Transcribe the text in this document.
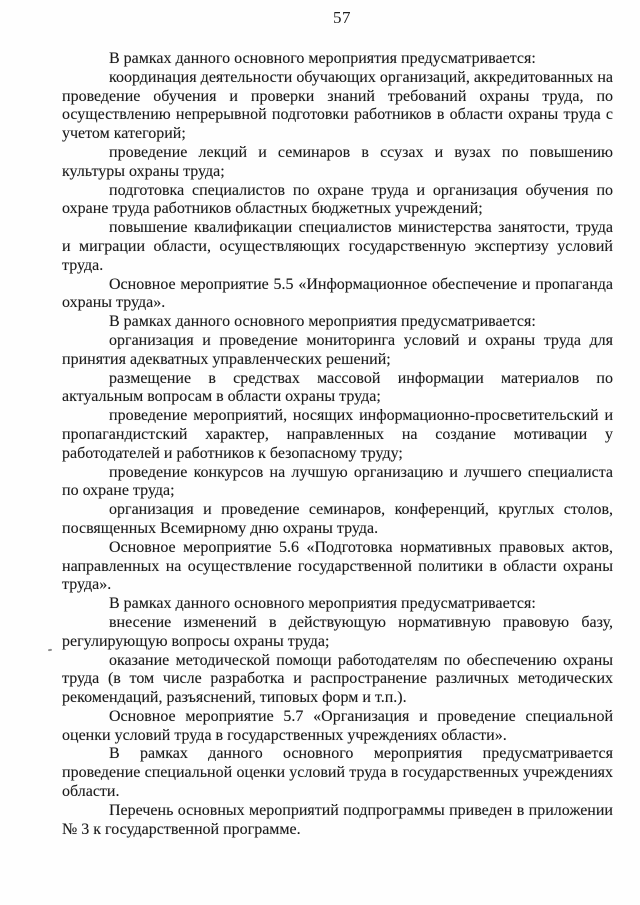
57

В рамках данного основного мероприятия предусматривается:

координация деятельности обучающих организаций, аккредитованных на проведение обучения и проверки знаний требований охраны труда, по осуществлению непрерывной подготовки работников в области охраны труда с учетом категорий;

проведение лекций и семинаров в ссузах и вузах по повышению культуры охраны труда;

подготовка специалистов по охране труда и организация обучения по охране труда работников областных бюджетных учреждений;

повышение квалификации специалистов министерства занятости, труда и миграции области, осуществляющих государственную экспертизу условий труда.

Основное мероприятие 5.5 «Информационное обеспечение и пропаганда охраны труда».

В рамках данного основного мероприятия предусматривается:

организация и проведение мониторинга условий и охраны труда для принятия адекватных управленческих решений;

размещение в средствах массовой информации материалов по актуальным вопросам в области охраны труда;

проведение мероприятий, носящих информационно-просветительский и пропагандистский характер, направленных на создание мотивации у работодателей и работников к безопасному труду;

проведение конкурсов на лучшую организацию и лучшего специалиста по охране труда;

организация и проведение семинаров, конференций, круглых столов, посвященных Всемирному дню охраны труда.

Основное мероприятие 5.6 «Подготовка нормативных правовых актов, направленных на осуществление государственной политики в области охраны труда».

В рамках данного основного мероприятия предусматривается:

внесение изменений в действующую нормативную правовую базу, регулирующую вопросы охраны труда;

оказание методической помощи работодателям по обеспечению охраны труда (в том числе разработка и распространение различных методических рекомендаций, разъяснений, типовых форм и т.п.).

Основное мероприятие 5.7 «Организация и проведение специальной оценки условий труда в государственных учреждениях области».

В рамках данного основного мероприятия предусматривается проведение специальной оценки условий труда в государственных учреждениях области.

Перечень основных мероприятий подпрограммы приведен в приложении № 3 к государственной программе.
